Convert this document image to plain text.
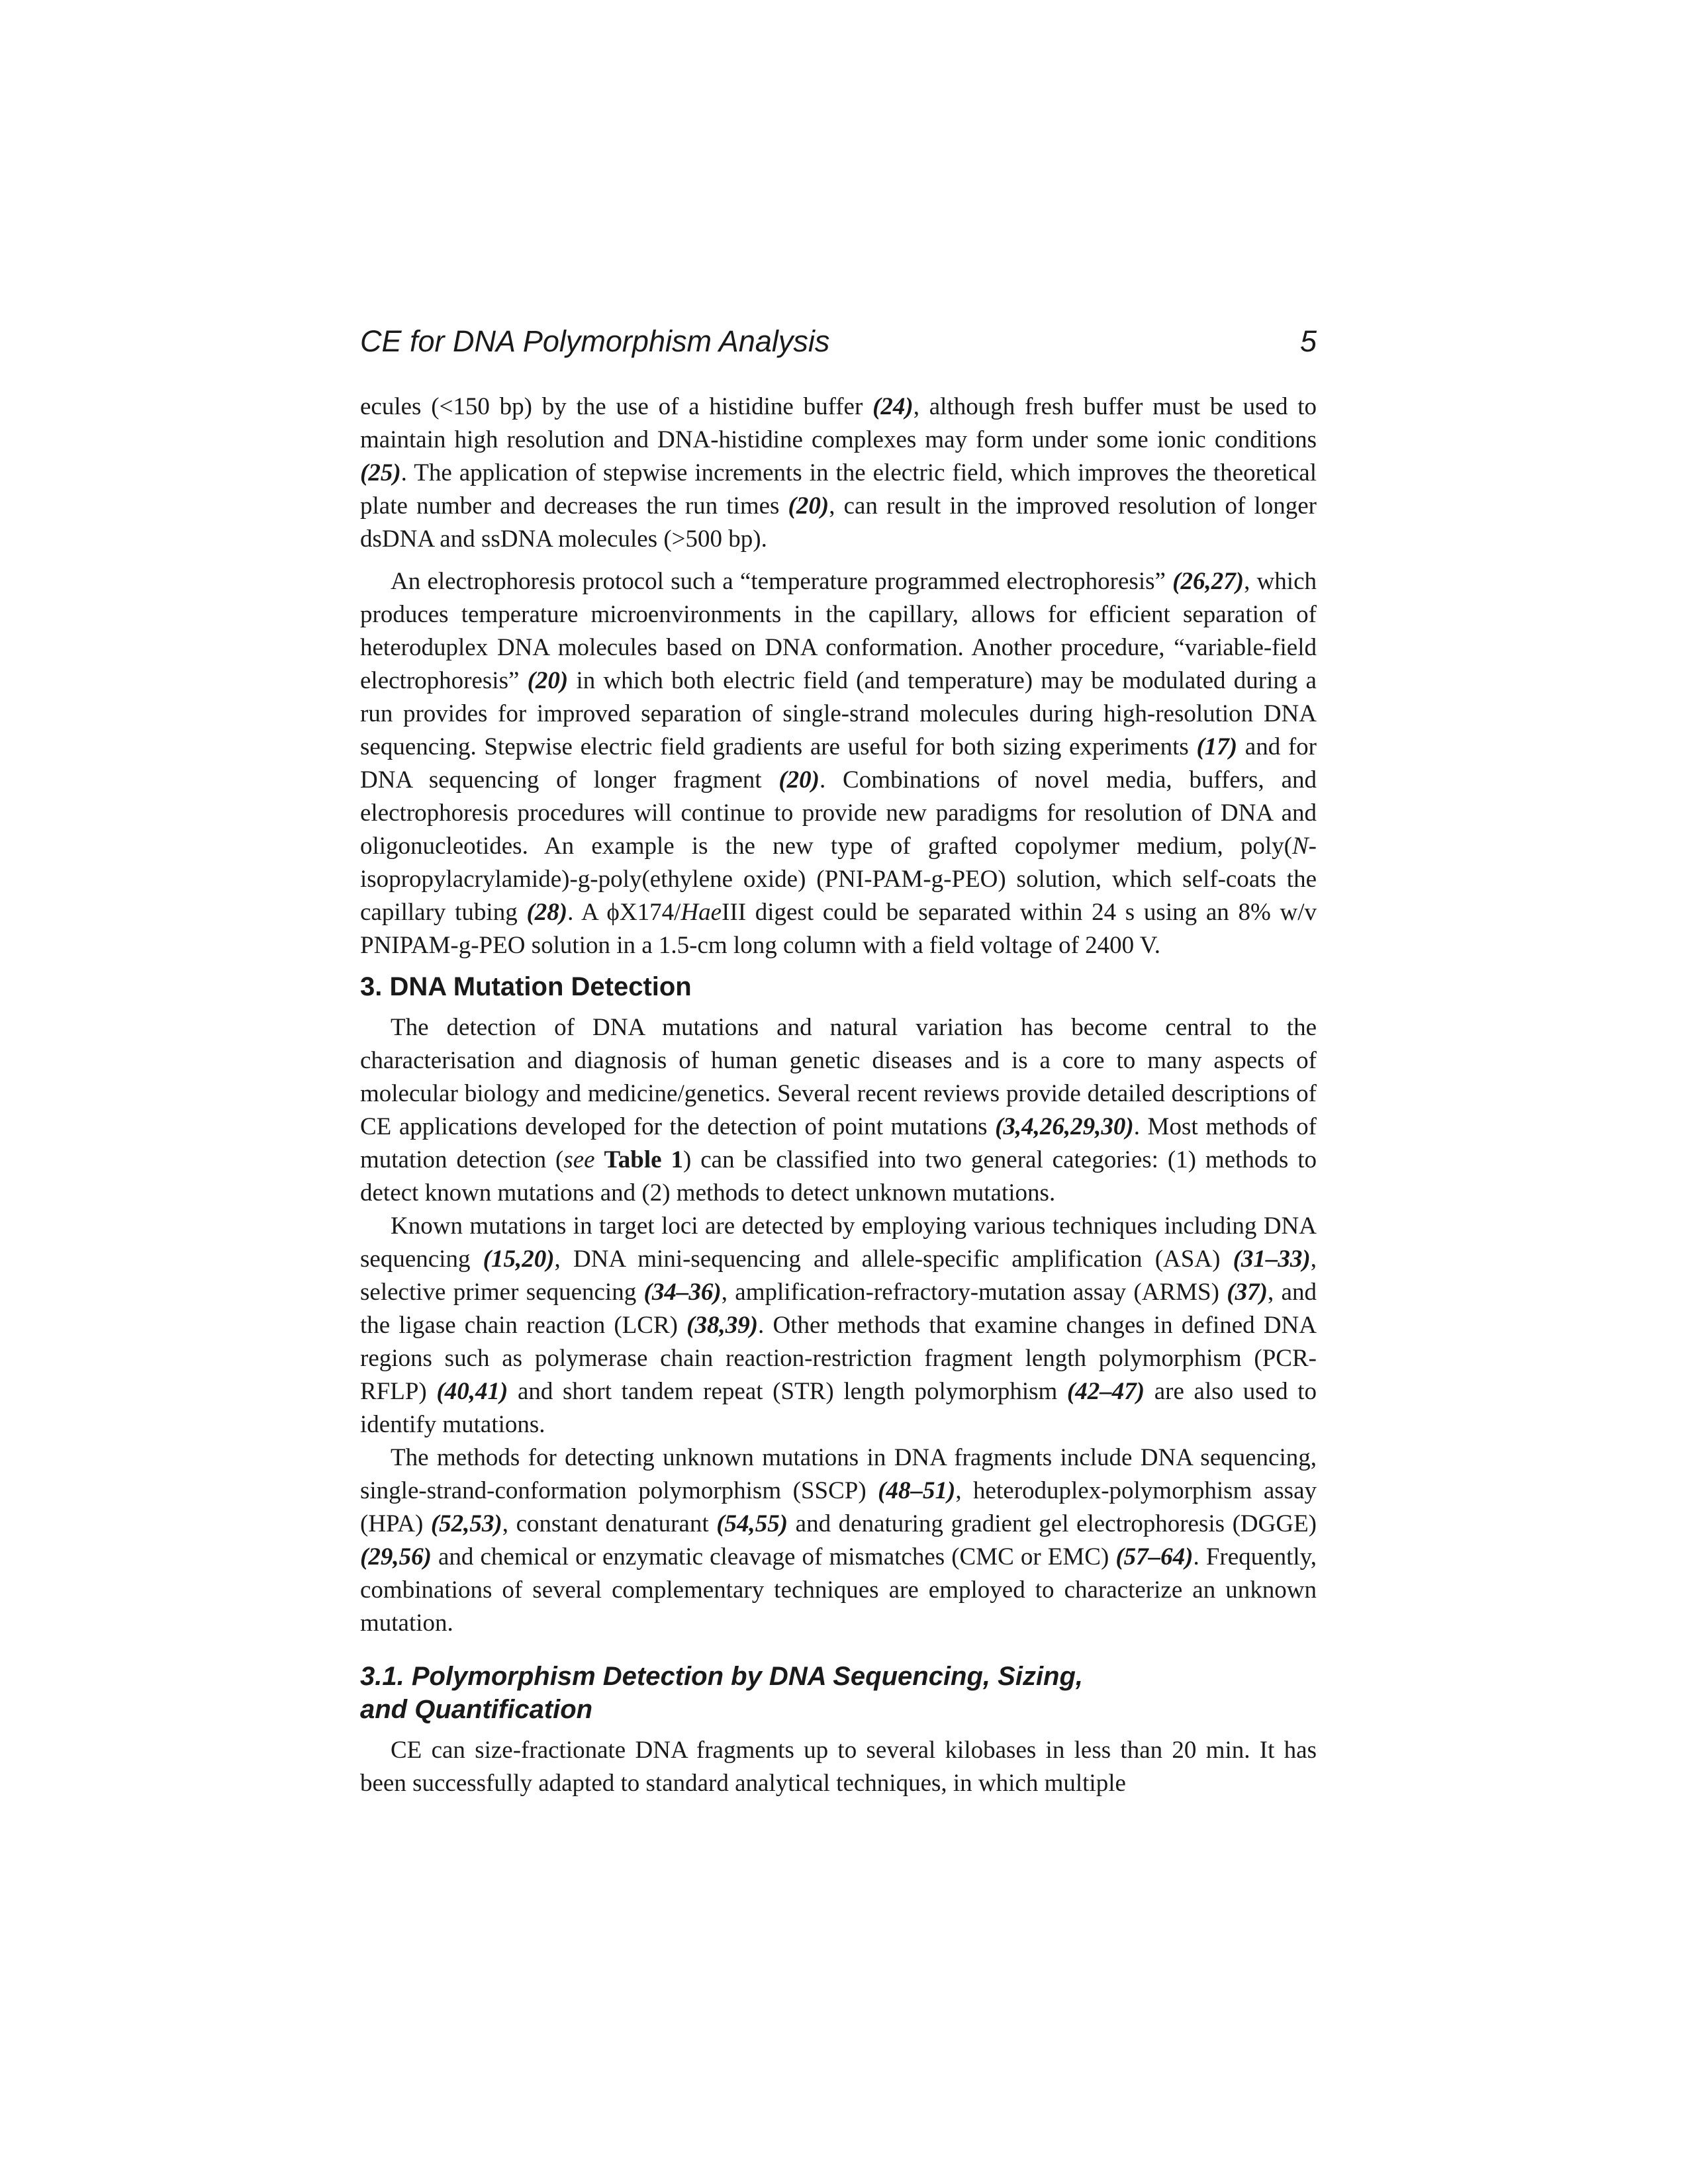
CE for DNA Polymorphism Analysis	5

ecules (<150 bp) by the use of a histidine buffer (24), although fresh buffer must be used to maintain high resolution and DNA-histidine complexes may form under some ionic conditions (25). The application of stepwise increments in the electric field, which improves the theoretical plate number and decreases the run times (20), can result in the improved resolution of longer dsDNA and ssDNA molecules (>500 bp).

An electrophoresis protocol such a “temperature programmed electrophoresis” (26,27), which produces temperature microenvironments in the capillary, allows for efficient separation of heteroduplex DNA molecules based on DNA conformation. Another procedure, “variable-field electrophoresis” (20) in which both electric field (and temperature) may be modulated during a run provides for improved separation of single-strand molecules during high-resolution DNA sequencing. Stepwise electric field gradients are useful for both sizing experiments (17) and for DNA sequencing of longer fragment (20). Combinations of novel media, buffers, and electrophoresis procedures will continue to provide new paradigms for resolution of DNA and oligonucleotides. An example is the new type of grafted copolymer medium, poly(N-isopropylacrylamide)-g-poly(ethylene oxide) (PNI-PAM-g-PEO) solution, which self-coats the capillary tubing (28). A ϕX174/HaeIII digest could be separated within 24 s using an 8% w/v PNIPAM-g-PEO solution in a 1.5-cm long column with a field voltage of 2400 V.

3. DNA Mutation Detection

The detection of DNA mutations and natural variation has become central to the characterisation and diagnosis of human genetic diseases and is a core to many aspects of molecular biology and medicine/genetics. Several recent reviews provide detailed descriptions of CE applications developed for the detection of point mutations (3,4,26,29,30). Most methods of mutation detection (see Table 1) can be classified into two general categories: (1) methods to detect known mutations and (2) methods to detect unknown mutations.

Known mutations in target loci are detected by employing various techniques including DNA sequencing (15,20), DNA mini-sequencing and allele-specific amplification (ASA) (31–33), selective primer sequencing (34–36), amplification-refractory-mutation assay (ARMS) (37), and the ligase chain reaction (LCR) (38,39). Other methods that examine changes in defined DNA regions such as polymerase chain reaction-restriction fragment length polymorphism (PCR-RFLP) (40,41) and short tandem repeat (STR) length polymorphism (42–47) are also used to identify mutations.

The methods for detecting unknown mutations in DNA fragments include DNA sequencing, single-strand-conformation polymorphism (SSCP) (48–51), heteroduplex-polymorphism assay (HPA) (52,53), constant denaturant (54,55) and denaturing gradient gel electrophoresis (DGGE) (29,56) and chemical or enzymatic cleavage of mismatches (CMC or EMC) (57–64). Frequently, combinations of several complementary techniques are employed to characterize an unknown mutation.

3.1. Polymorphism Detection by DNA Sequencing, Sizing,
and Quantification

CE can size-fractionate DNA fragments up to several kilobases in less than 20 min. It has been successfully adapted to standard analytical techniques, in which multiple
